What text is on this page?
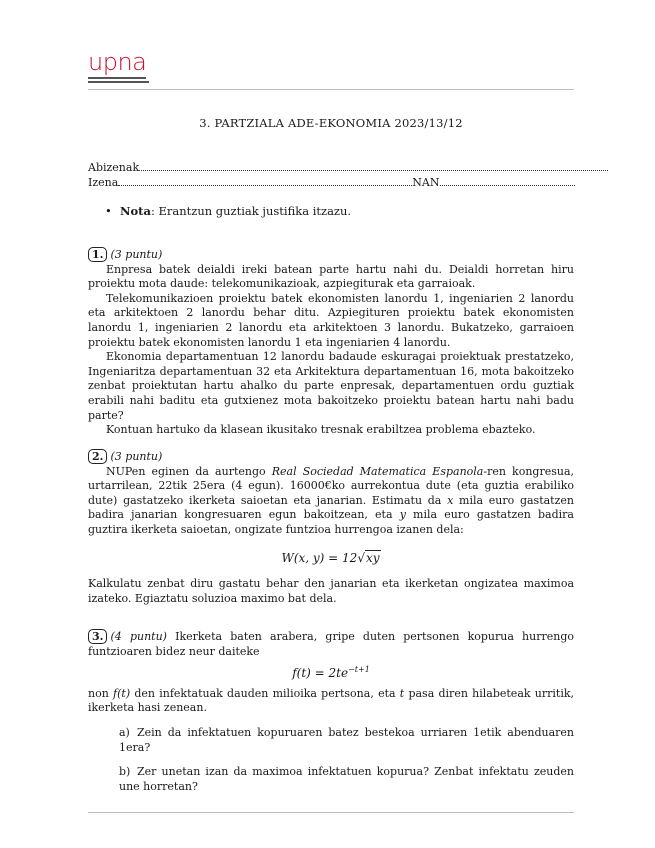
upna
3. PARTZIALA ADE-EKONOMIA 2023/13/12
Abizenak
Izena	NAN
• Nota: Erantzun guztiak justifika itzazu.

1. (3 puntu)

Enpresa batek deialdi ireki batean parte hartu nahi du. Deialdi horretan hiru proiektu mota daude: telekomunikazioak, azpiegiturak eta garraioak.

Telekomunikazioen proiektu batek ekonomisten lanordu 1, ingeniarien 2 lanordu eta arkitektoen 2 lanordu behar ditu. Azpiegituren proiektu batek ekonomisten lanordu 1, ingeniarien 2 lanordu eta arkitektoen 3 lanordu. Bukatzeko, garraioen proiektu batek ekonomisten lanordu 1 eta ingeniarien 4 lanordu.

Ekonomia departamentuan 12 lanordu badaude eskuragai proiektuak prestatzeko, Ingeniaritza departamentuan 32 eta Arkitektura departamentuan 16, mota bakoitzeko zenbat proiektutan hartu ahalko du parte enpresak, departamentuen ordu guztiak erabili nahi baditu eta gutxienez mota bakoitzeko proiektu batean hartu nahi badu parte?

Kontuan hartuko da klasean ikusitako tresnak erabiltzea problema ebazteko.

2. (3 puntu)

NUPen eginen da aurtengo Real Sociedad Matematica Espanola-ren kongresua, urtarrilean, 22tik 25era (4 egun). 16000€ko aurrekontua dute (eta guztia erabiliko dute) gastatzeko ikerketa saioetan eta janarian. Estimatu da x mila euro gastatzen badira janarian kongresuaren egun bakoitzean, eta y mila euro gastatzen badira guztira ikerketa saioetan, ongizate funtzioa hurrengoa izanen dela:

W(x, y) = 12√xy

Kalkulatu zenbat diru gastatu behar den janarian eta ikerketan ongizatea maximoa izateko. Egiaztatu soluzioa maximo bat dela.

3. (4 puntu) Ikerketa baten arabera, gripe duten pertsonen kopurua hurrengo funtzioaren bidez neur daiteke

$f(t) = 2te^{-t+1}$

non f(t) den infektatuak dauden milioika pertsona, eta t pasa diren hilabeteak urritik, ikerketa hasi zenean.

a) Zein da infektatuen kopuruaren batez bestekoa urriaren 1etik abenduaren 1era?

b) Zer unetan izan da maximoa infektatuen kopurua? Zenbat infektatu zeuden une horretan?
